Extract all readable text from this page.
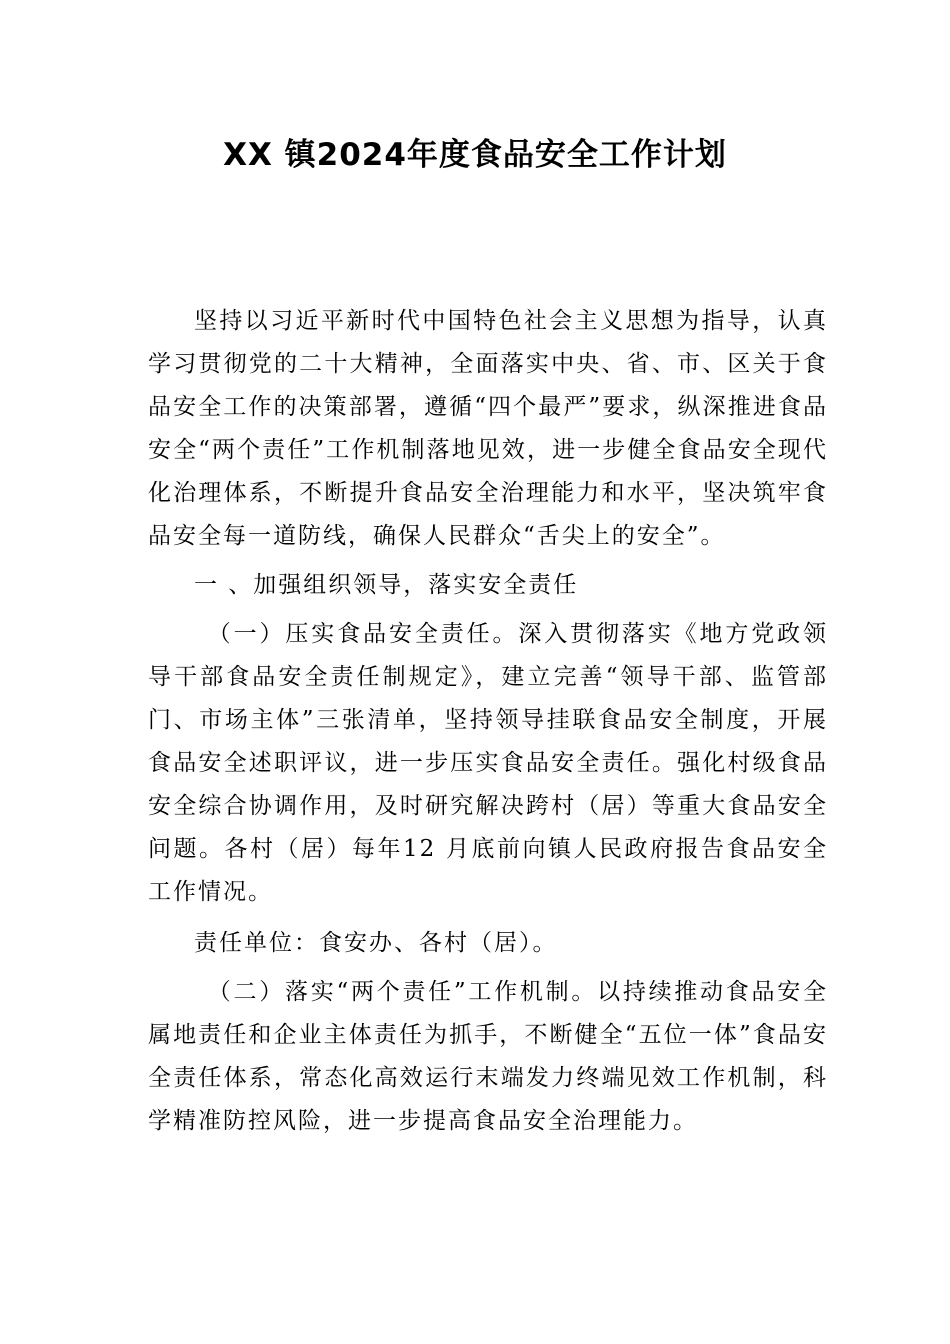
XX 镇2024年度食品安全工作计划

坚持以习近平新时代中国特色社会主义思想为指导，认真学习贯彻党的二十大精神，全面落实中央、省、市、区关于食品安全工作的决策部署，遵循“四个最严”要求，纵深推进食品安全“两个责任”工作机制落地见效，进一步健全食品安全现代化治理体系，不断提升食品安全治理能力和水平，坚决筑牢食品安全每一道防线，确保人民群众“舌尖上的安全”。

一 、加强组织领导，落实安全责任

（一）压实食品安全责任。深入贯彻落实《地方党政领导干部食品安全责任制规定》，建立完善“领导干部、监管部门、市场主体”三张清单，坚持领导挂联食品安全制度，开展食品安全述职评议，进一步压实食品安全责任。强化村级食品安全综合协调作用，及时研究解决跨村（居）等重大食品安全问题。各村（居）每年12 月底前向镇人民政府报告食品安全工作情况。

责任单位：食安办、各村（居）。

（二）落实“两个责任”工作机制。以持续推动食品安全属地责任和企业主体责任为抓手，不断健全“五位一体”食品安全责任体系，常态化高效运行末端发力终端见效工作机制，科学精准防控风险，进一步提高食品安全治理能力。
